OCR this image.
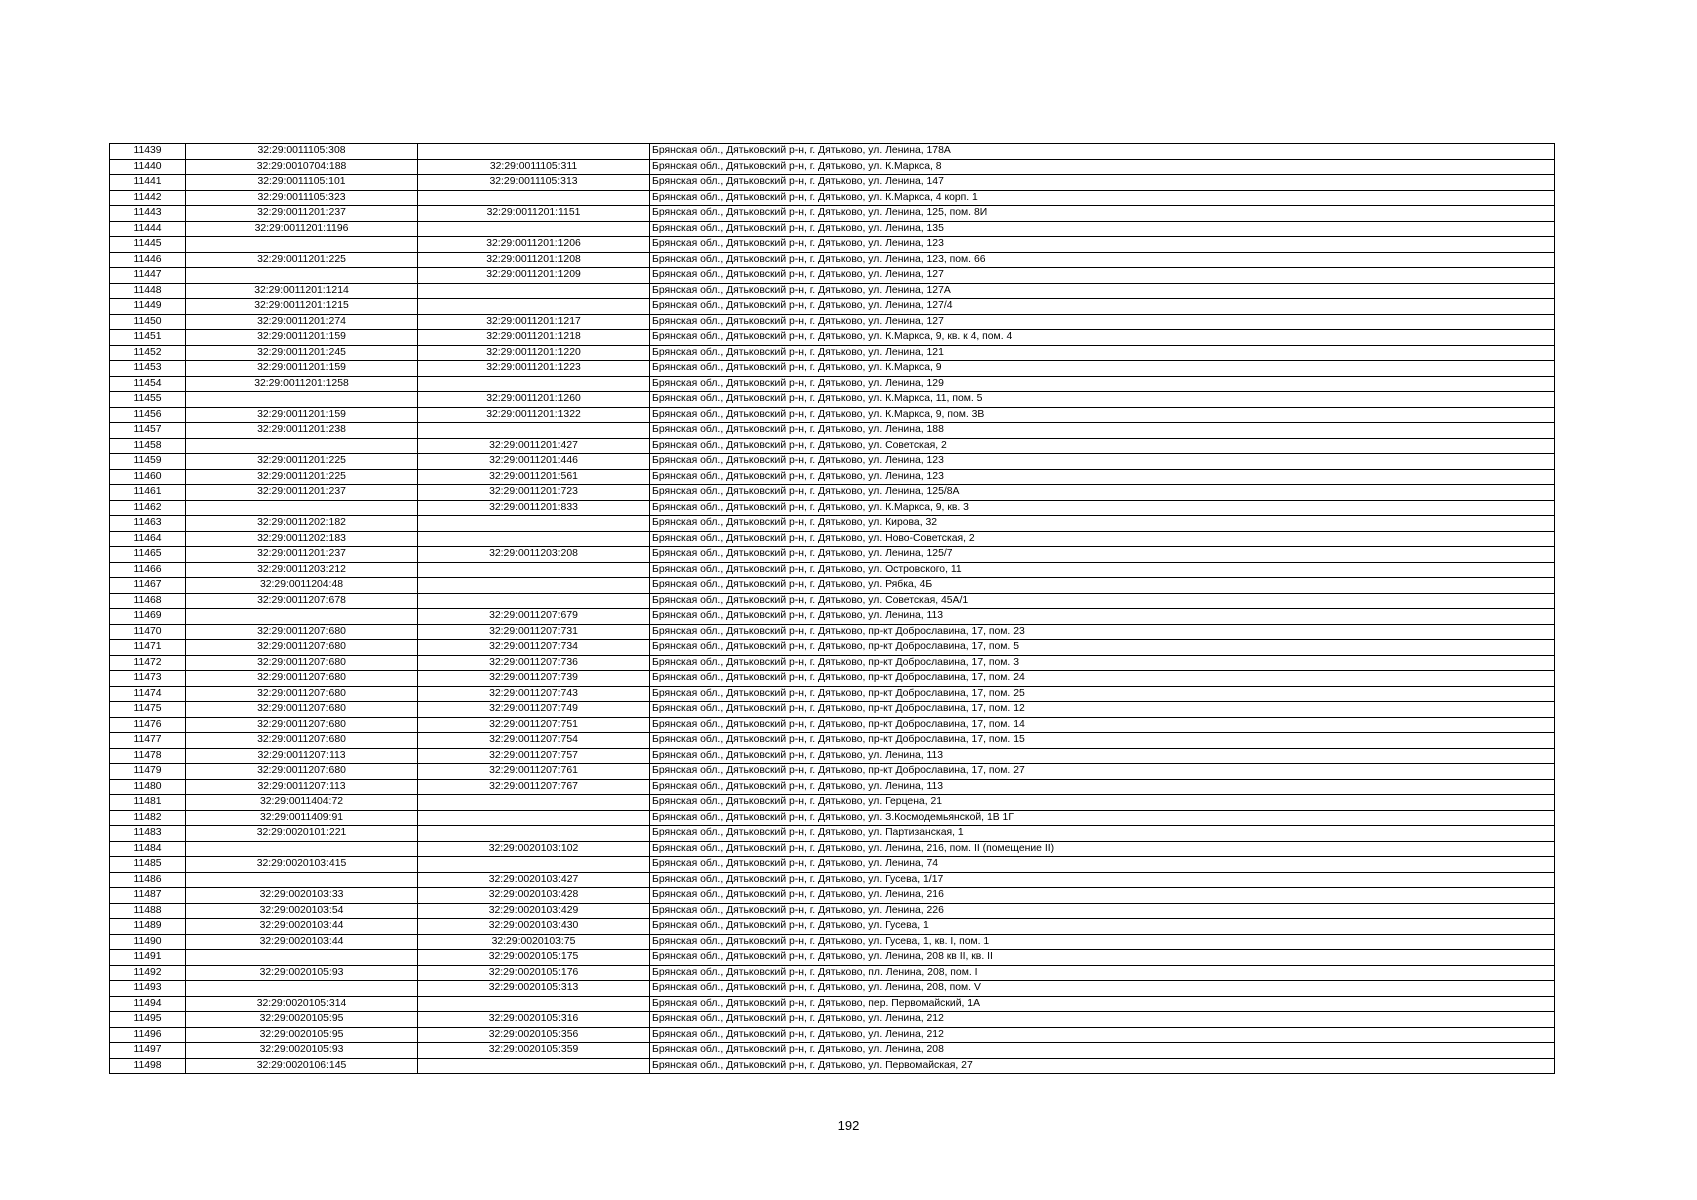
11439	32:29:0011105:308		Брянская обл., Дятьковский р-н, г. Дятьково, ул. Ленина, 178А
11440	32:29:0010704:188	32:29:0011105:311	Брянская обл., Дятьковский р-н, г. Дятьково, ул. К.Маркса, 8
11441	32:29:0011105:101	32:29:0011105:313	Брянская обл., Дятьковский р-н, г. Дятьково, ул. Ленина, 147
11442	32:29:0011105:323		Брянская обл., Дятьковский р-н, г. Дятьково, ул. К.Маркса, 4 корп. 1
11443	32:29:0011201:237	32:29:0011201:1151	Брянская обл., Дятьковский р-н, г. Дятьково, ул. Ленина, 125, пом. 8И
11444	32:29:0011201:1196		Брянская обл., Дятьковский р-н, г. Дятьково, ул. Ленина, 135
11445		32:29:0011201:1206	Брянская обл., Дятьковский р-н, г. Дятьково, ул. Ленина, 123
11446	32:29:0011201:225	32:29:0011201:1208	Брянская обл., Дятьковский р-н, г. Дятьково, ул. Ленина, 123, пом. 66
11447		32:29:0011201:1209	Брянская обл., Дятьковский р-н, г. Дятьково, ул. Ленина, 127
11448	32:29:0011201:1214		Брянская обл., Дятьковский р-н, г. Дятьково, ул. Ленина, 127А
11449	32:29:0011201:1215		Брянская обл., Дятьковский р-н, г. Дятьково, ул. Ленина, 127/4
11450	32:29:0011201:274	32:29:0011201:1217	Брянская обл., Дятьковский р-н, г. Дятьково, ул. Ленина, 127
11451	32:29:0011201:159	32:29:0011201:1218	Брянская обл., Дятьковский р-н, г. Дятьково, ул. К.Маркса, 9, кв. к 4, пом. 4
11452	32:29:0011201:245	32:29:0011201:1220	Брянская обл., Дятьковский р-н, г. Дятьково, ул. Ленина, 121
11453	32:29:0011201:159	32:29:0011201:1223	Брянская обл., Дятьковский р-н, г. Дятьково, ул. К.Маркса, 9
11454	32:29:0011201:1258		Брянская обл., Дятьковский р-н, г. Дятьково, ул. Ленина, 129
11455		32:29:0011201:1260	Брянская обл., Дятьковский р-н, г. Дятьково, ул. К.Маркса, 11, пом. 5
11456	32:29:0011201:159	32:29:0011201:1322	Брянская обл., Дятьковский р-н, г. Дятьково, ул. К.Маркса, 9, пом. 3В
11457	32:29:0011201:238		Брянская обл., Дятьковский р-н, г. Дятьково, ул. Ленина, 188
11458		32:29:0011201:427	Брянская обл., Дятьковский р-н, г. Дятьково, ул. Советская, 2
11459	32:29:0011201:225	32:29:0011201:446	Брянская обл., Дятьковский р-н, г. Дятьково, ул. Ленина, 123
11460	32:29:0011201:225	32:29:0011201:561	Брянская обл., Дятьковский р-н, г. Дятьково, ул. Ленина, 123
11461	32:29:0011201:237	32:29:0011201:723	Брянская обл., Дятьковский р-н, г. Дятьково, ул. Ленина, 125/8А
11462		32:29:0011201:833	Брянская обл., Дятьковский р-н, г. Дятьково, ул. К.Маркса, 9, кв. 3
11463	32:29:0011202:182		Брянская обл., Дятьковский р-н, г. Дятьково, ул. Кирова, 32
11464	32:29:0011202:183		Брянская обл., Дятьковский р-н, г. Дятьково, ул. Ново-Советская, 2
11465	32:29:0011201:237	32:29:0011203:208	Брянская обл., Дятьковский р-н, г. Дятьково, ул. Ленина, 125/7
11466	32:29:0011203:212		Брянская обл., Дятьковский р-н, г. Дятьково, ул. Островского, 11
11467	32:29:0011204:48		Брянская обл., Дятьковский р-н, г. Дятьково, ул. Рябка, 4Б
11468	32:29:0011207:678		Брянская обл., Дятьковский р-н, г. Дятьково, ул. Советская, 45А/1
11469		32:29:0011207:679	Брянская обл., Дятьковский р-н, г. Дятьково, ул. Ленина, 113
11470	32:29:0011207:680	32:29:0011207:731	Брянская обл., Дятьковский р-н, г. Дятьково, пр-кт Доброславина, 17, пом. 23
11471	32:29:0011207:680	32:29:0011207:734	Брянская обл., Дятьковский р-н, г. Дятьково, пр-кт Доброславина, 17, пом. 5
11472	32:29:0011207:680	32:29:0011207:736	Брянская обл., Дятьковский р-н, г. Дятьково, пр-кт Доброславина, 17, пом. 3
11473	32:29:0011207:680	32:29:0011207:739	Брянская обл., Дятьковский р-н, г. Дятьково, пр-кт Доброславина, 17, пом. 24
11474	32:29:0011207:680	32:29:0011207:743	Брянская обл., Дятьковский р-н, г. Дятьково, пр-кт Доброславина, 17, пом. 25
11475	32:29:0011207:680	32:29:0011207:749	Брянская обл., Дятьковский р-н, г. Дятьково, пр-кт Доброславина, 17, пом. 12
11476	32:29:0011207:680	32:29:0011207:751	Брянская обл., Дятьковский р-н, г. Дятьково, пр-кт Доброславина, 17, пом. 14
11477	32:29:0011207:680	32:29:0011207:754	Брянская обл., Дятьковский р-н, г. Дятьково, пр-кт Доброславина, 17, пом. 15
11478	32:29:0011207:113	32:29:0011207:757	Брянская обл., Дятьковский р-н, г. Дятьково, ул. Ленина, 113
11479	32:29:0011207:680	32:29:0011207:761	Брянская обл., Дятьковский р-н, г. Дятьково, пр-кт Доброславина, 17, пом. 27
11480	32:29:0011207:113	32:29:0011207:767	Брянская обл., Дятьковский р-н, г. Дятьково, ул. Ленина, 113
11481	32:29:0011404:72		Брянская обл., Дятьковский р-н, г. Дятьково, ул. Герцена, 21
11482	32:29:0011409:91		Брянская обл., Дятьковский р-н, г. Дятьково, ул. З.Космодемьянской, 1В 1Г
11483	32:29:0020101:221		Брянская обл., Дятьковский р-н, г. Дятьково, ул. Партизанская, 1
11484		32:29:0020103:102	Брянская обл., Дятьковский р-н, г. Дятьково, ул. Ленина, 216, пом. II (помещение II)
11485	32:29:0020103:415		Брянская обл., Дятьковский р-н, г. Дятьково, ул. Ленина, 74
11486		32:29:0020103:427	Брянская обл., Дятьковский р-н, г. Дятьково, ул. Гусева, 1/17
11487	32:29:0020103:33	32:29:0020103:428	Брянская обл., Дятьковский р-н, г. Дятьково, ул. Ленина, 216
11488	32:29:0020103:54	32:29:0020103:429	Брянская обл., Дятьковский р-н, г. Дятьково, ул. Ленина, 226
11489	32:29:0020103:44	32:29:0020103:430	Брянская обл., Дятьковский р-н, г. Дятьково, ул. Гусева, 1
11490	32:29:0020103:44	32:29:0020103:75	Брянская обл., Дятьковский р-н, г. Дятьково, ул. Гусева, 1, кв. I, пом. 1
11491		32:29:0020105:175	Брянская обл., Дятьковский р-н, г. Дятьково, ул. Ленина, 208 кв II, кв. II
11492	32:29:0020105:93	32:29:0020105:176	Брянская обл., Дятьковский р-н, г. Дятьково, пл. Ленина, 208, пом. I
11493		32:29:0020105:313	Брянская обл., Дятьковский р-н, г. Дятьково, ул. Ленина, 208, пом. V
11494	32:29:0020105:314		Брянская обл., Дятьковский р-н, г. Дятьково, пер. Первомайский, 1А
11495	32:29:0020105:95	32:29:0020105:316	Брянская обл., Дятьковский р-н, г. Дятьково, ул. Ленина, 212
11496	32:29:0020105:95	32:29:0020105:356	Брянская обл., Дятьковский р-н, г. Дятьково, ул. Ленина, 212
11497	32:29:0020105:93	32:29:0020105:359	Брянская обл., Дятьковский р-н, г. Дятьково, ул. Ленина, 208
11498	32:29:0020106:145		Брянская обл., Дятьковский р-н, г. Дятьково, ул. Первомайская, 27
192
